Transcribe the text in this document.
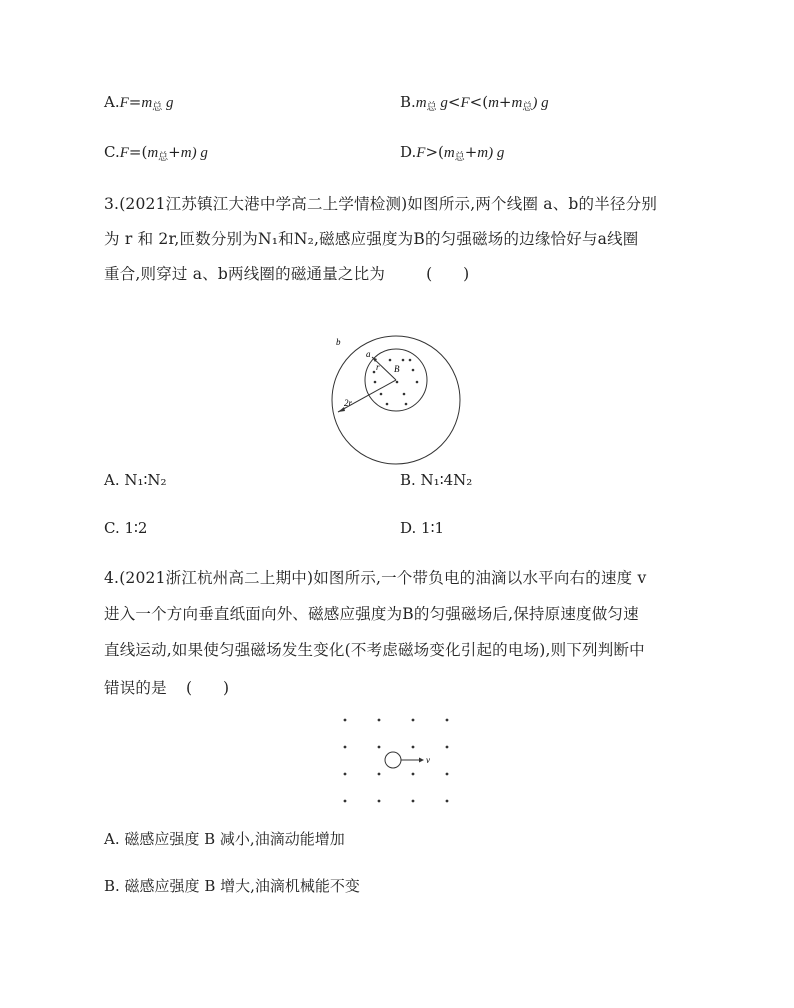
$A.F=m_总$ g	$B.m_总$ $g<F<(m+m_总)$ g
$C.F=(m_总+m)$ g	$D.F>(m_总+m)$ g
3.(2021江苏镇江大港中学高二上学情检测)如图所示,两个线圈 a、b的半径分别
为 r 和 2r,匝数分别为N₁和N₂,磁感应强度为B的匀强磁场的边缘恰好与a线圈
重合,则穿过 a、b两线圈的磁通量之比为	(      )
b
a
r B
2r
A. N₁∶N₂	B. N₁∶4N₂
C. 1∶2	D. 1∶1
4.(2021浙江杭州高二上期中)如图所示,一个带负电的油滴以水平向右的速度 v
进入一个方向垂直纸面向外、磁感应强度为B的匀强磁场后,保持原速度做匀速
直线运动,如果使匀强磁场发生变化(不考虑磁场变化引起的电场),则下列判断中
错误的是 (      )
v
A. 磁感应强度 B 减小,油滴动能增加
B. 磁感应强度 B 增大,油滴机械能不变
